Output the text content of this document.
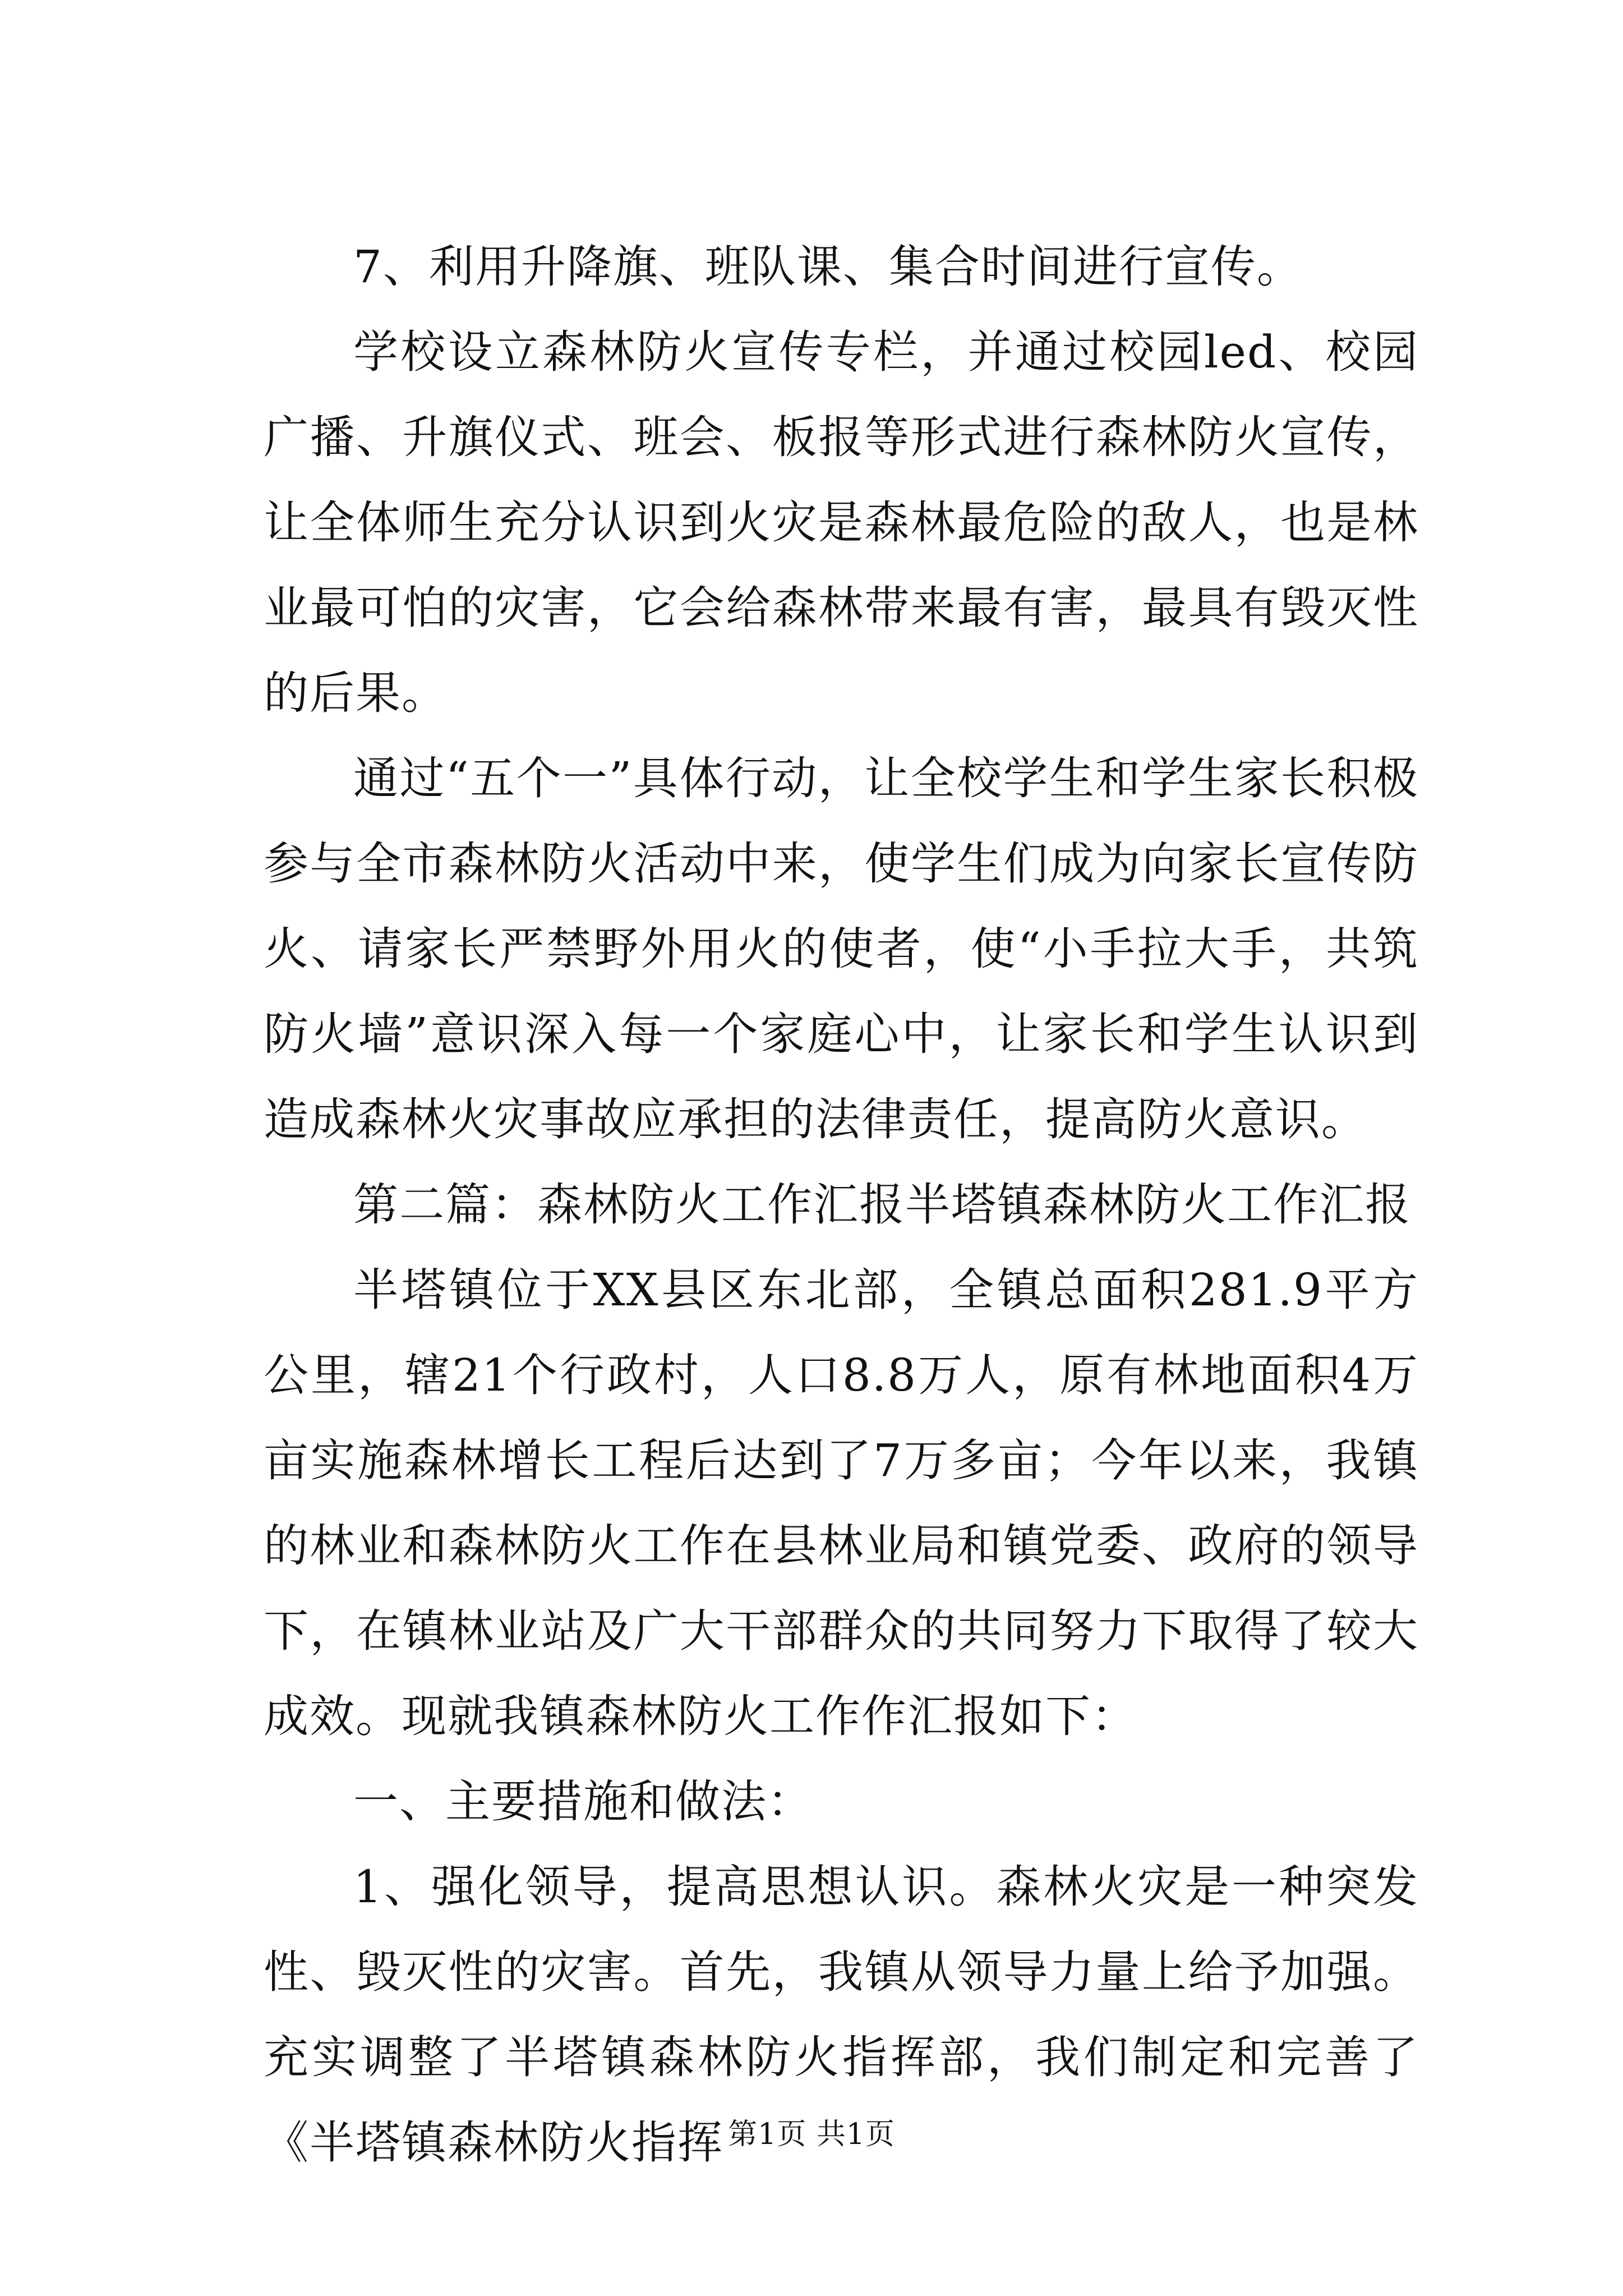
7、利用升降旗、班队课、集合时间进行宣传。

学校设立森林防火宣传专栏，并通过校园led、校园广播、升旗仪式、班会、板报等形式进行森林防火宣传，让全体师生充分认识到火灾是森林最危险的敌人，也是林业最可怕的灾害，它会给森林带来最有害，最具有毁灭性的后果。

通过“五个一”具体行动，让全校学生和学生家长积极参与全市森林防火活动中来，使学生们成为向家长宣传防火、请家长严禁野外用火的使者，使“小手拉大手，共筑防火墙”意识深入每一个家庭心中，让家长和学生认识到造成森林火灾事故应承担的法律责任，提高防火意识。

第二篇：森林防火工作汇报半塔镇森林防火工作汇报

半塔镇位于XX县区东北部，全镇总面积281.9平方公里，辖21个行政村，人口8.8万人，原有林地面积4万亩实施森林增长工程后达到了7万多亩；今年以来，我镇的林业和森林防火工作在县林业局和镇党委、政府的领导下，在镇林业站及广大干部群众的共同努力下取得了较大成效。现就我镇森林防火工作作汇报如下：

一、主要措施和做法：

1、强化领导，提高思想认识。森林火灾是一种突发性、毁灭性的灾害。首先，我镇从领导力量上给予加强。充实调整了半塔镇森林防火指挥部，我们制定和完善了《半塔镇森林防火指挥 第1页 共1页
